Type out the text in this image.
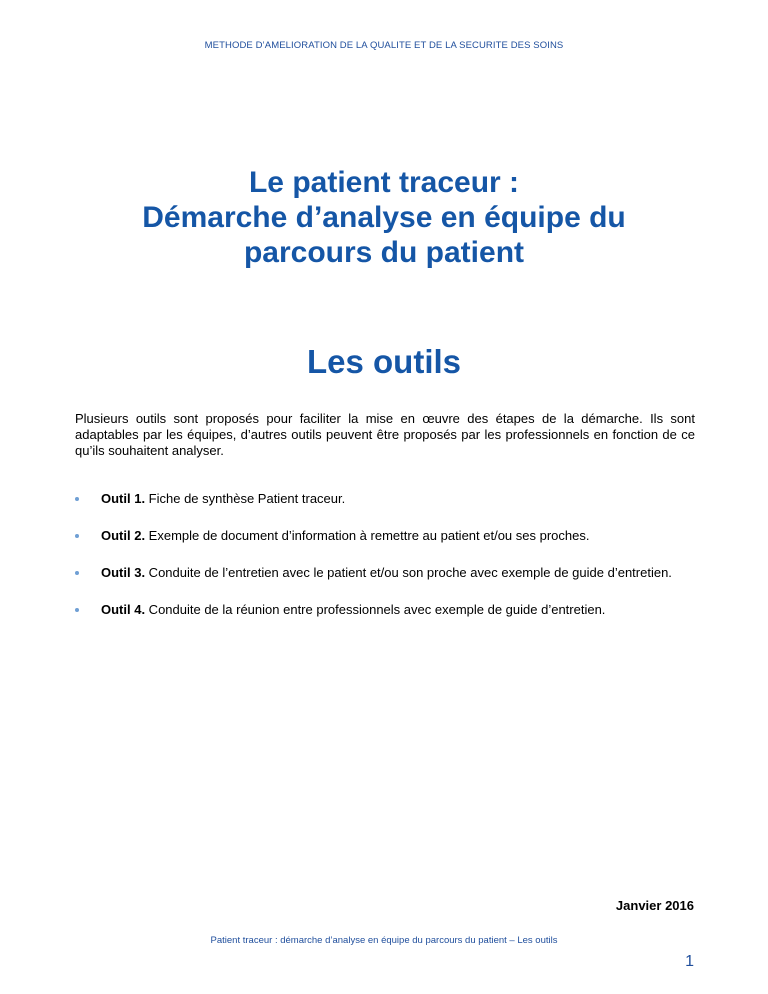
METHODE D’AMELIORATION DE LA QUALITE ET DE LA SECURITE DES SOINS
Le patient traceur :
Démarche d’analyse en équipe du
parcours du patient
Les outils

Plusieurs outils sont proposés pour faciliter la mise en œuvre des étapes de la démarche. Ils sont adaptables par les équipes, d’autres outils peuvent être proposés par les professionnels en fonction de ce qu’ils souhaitent analyser.

Outil 1. Fiche de synthèse Patient traceur.
Outil 2. Exemple de document d’information à remettre au patient et/ou ses proches.
Outil 3. Conduite de l’entretien avec le patient et/ou son proche avec exemple de guide d’entretien.
Outil 4. Conduite de la réunion entre professionnels avec exemple de guide d’entretien.
Janvier 2016
Patient traceur : démarche d’analyse en équipe du parcours du patient – Les outils
1
